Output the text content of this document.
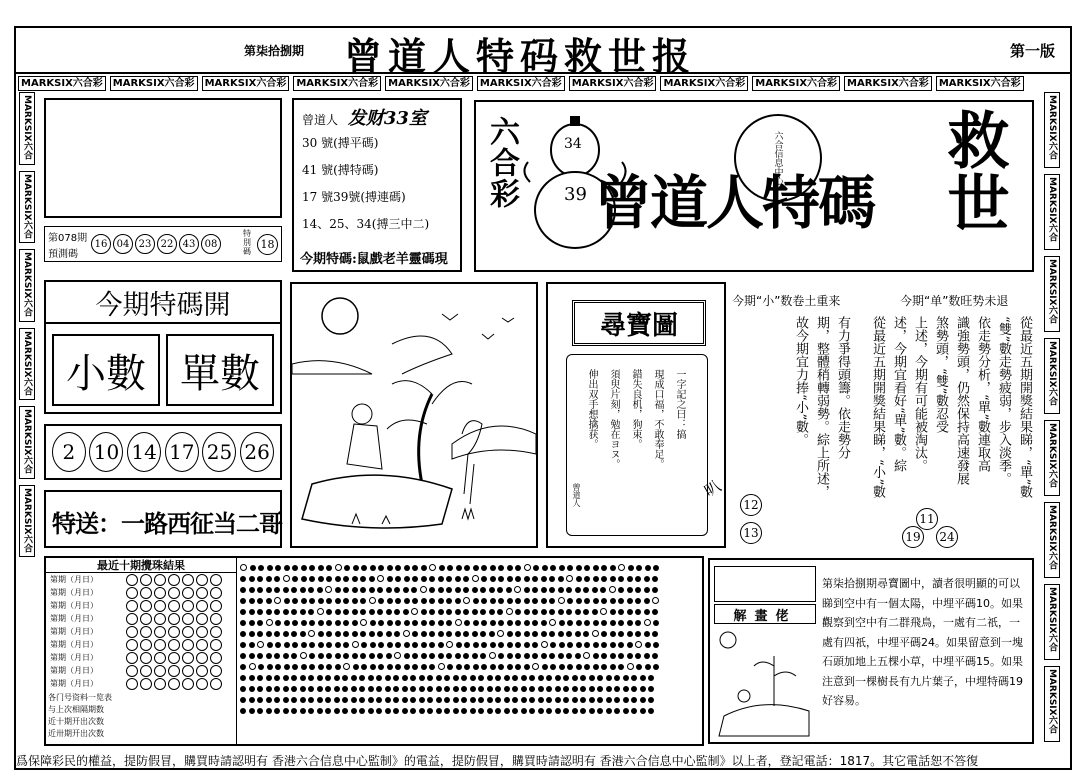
第柒拾捌期 曾道人特码救世报	第一版
MARKSIX六合彩	MARKSIX六合彩	MARKSIX六合彩	MARKSIX六合彩	MARKSIX六合彩	MARKSIX六合彩	MARKSIX六合彩	MARKSIX六合彩	MARKSIX六合彩	MARKSIX六合彩	MARKSIX六合彩
MARKSIX六合
MARKSIX六合
MARKSIX六合
MARKSIX六合
MARKSIX六合
MARKSIX六合
MARKSIX六合
MARKSIX六合
MARKSIX六合
MARKSIX六合
MARKSIX六合
MARKSIX六合
MARKSIX六合
MARKSIX六合
第078期
預測碼
16 04 23 22 43 08
特別碼
18
曾道人 发财33室
30 號(搏平碼)
41 號(搏特碼)
17 號39號(搏連碼)
14、25、34(搏三中二)
今期特碼:鼠戲老羊靈碼現
六合彩	34
39
六合信息中心
曾道人特碼 救世
今期特碼開
小數 單數
2 10 14 17 25 26
特送：一路西征当二哥
尋寶圖
一字記之曰：搞
現成口福，不敢奉足。
錯失良机，狗束。
須臾片刻，勉在ヨヌ。
伸出双手想擒获。
曾道人
今期“小”数卷土重来	今期“单”数旺势未退
從最近五期開獎結果睇，“單”數
“雙”數走勢疲弱，步入淡季。
依走勢分析，“單”數連取高
識強勢頭，仍然保持高速發展
煞勢頭，“雙”數忍受
上述，今期有可能被淘汰。
述，今期宜看好“單”數。綜
從最近五期開獎結果睇，“小”數
有力爭得頭籌。依走勢分
期，整體稍轉弱勢。綜上所述，
故今期宜力捧“小”數。
12
13
11
19 24
叭
最近十期攪珠結果
第期（月日）
第期（月日）
第期（月日）
第期（月日）
第期（月日）
第期（月日）
第期（月日）
第期（月日）
第期（月日）
各门号资料一览表
与上次相隔期数
近十期开出次数
近卅期开出次数
解畫佬
第柒拾捌期尋寶圖中，讀者很明顯的可以睇到空中有一個太陽，中埋平碼10。如果觀察到空中有二群飛鳥，一處有二祇，一處有四祇，中埋平碼24。如果留意到一塊石頭加地上五棵小草，中埋平碼15。如果注意到一棵樹長有九片葉子，中埋特碼19好容易。
爲保障彩民的權益，提防假冒，購買時請認明有 香港六合信息中心監制》的電益，提防假冒，購買時請認明有 香港六合信息中心監制》以上者，登記電話：1817。其它電話恕不答復
